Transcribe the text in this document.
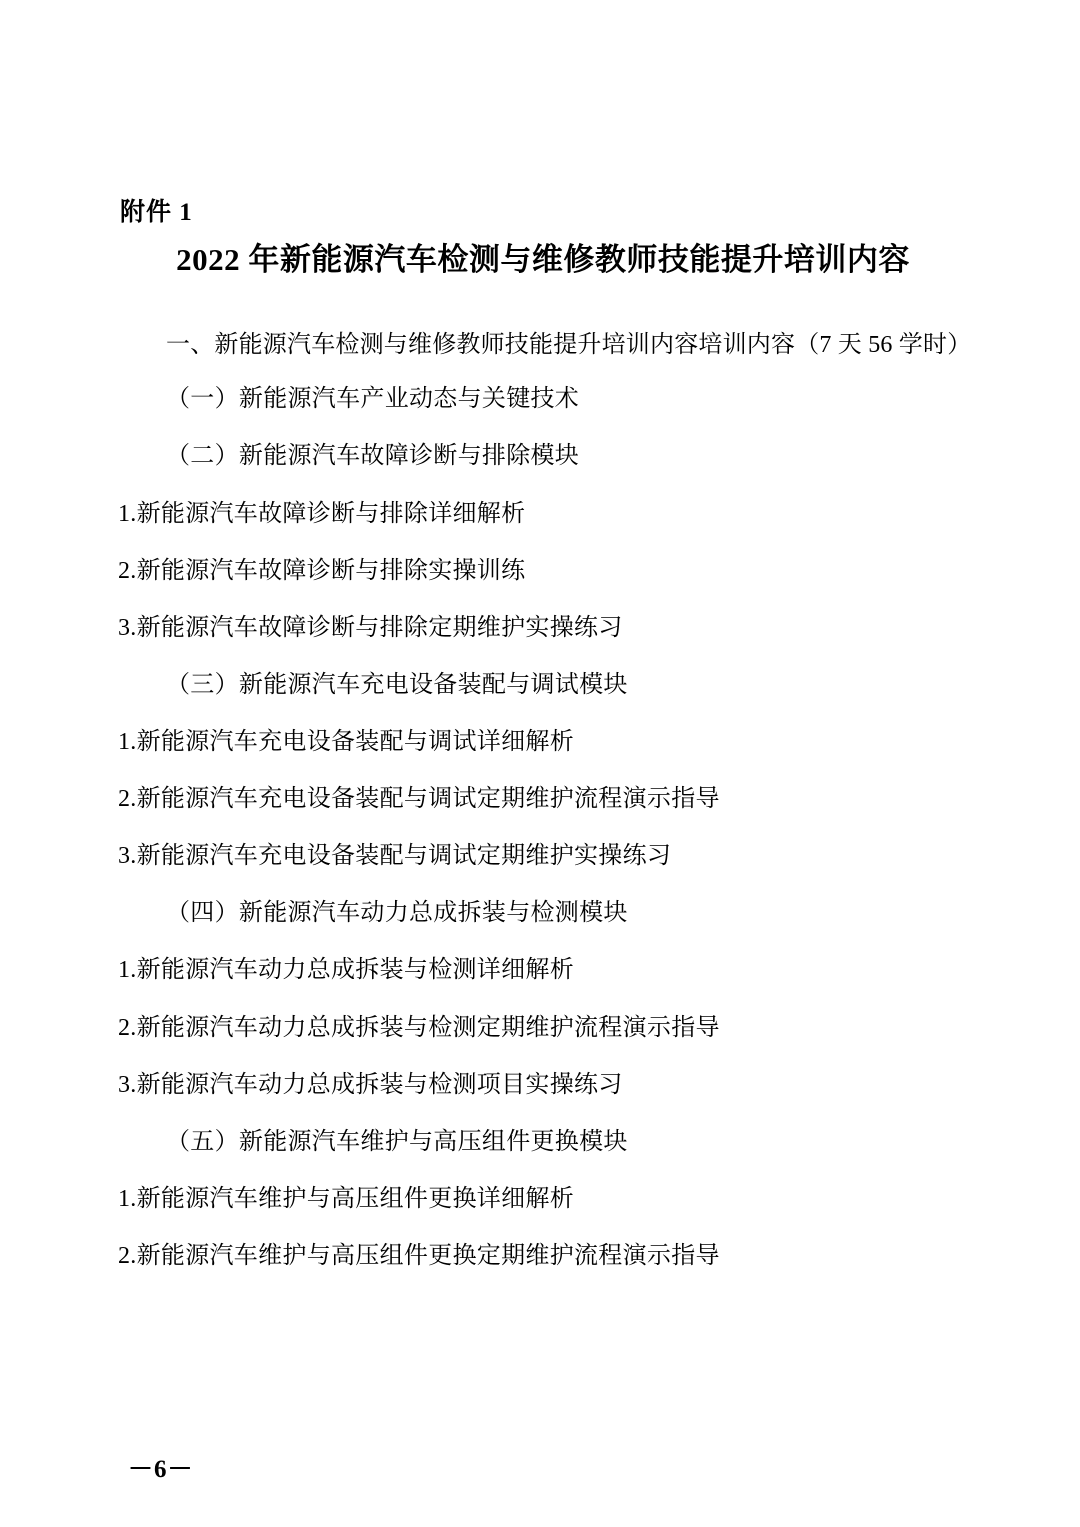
附件 1
2022 年新能源汽车检测与维修教师技能提升培训内容

一、新能源汽车检测与维修教师技能提升培训内容培训内容（7 天 56 学时）

（一）新能源汽车产业动态与关键技术

（二）新能源汽车故障诊断与排除模块

1.新能源汽车故障诊断与排除详细解析

2.新能源汽车故障诊断与排除实操训练

3.新能源汽车故障诊断与排除定期维护实操练习

（三）新能源汽车充电设备装配与调试模块

1.新能源汽车充电设备装配与调试详细解析

2.新能源汽车充电设备装配与调试定期维护流程演示指导

3.新能源汽车充电设备装配与调试定期维护实操练习

（四）新能源汽车动力总成拆装与检测模块

1.新能源汽车动力总成拆装与检测详细解析

2.新能源汽车动力总成拆装与检测定期维护流程演示指导

3.新能源汽车动力总成拆装与检测项目实操练习

（五）新能源汽车维护与高压组件更换模块

1.新能源汽车维护与高压组件更换详细解析

2.新能源汽车维护与高压组件更换定期维护流程演示指导

－6－
